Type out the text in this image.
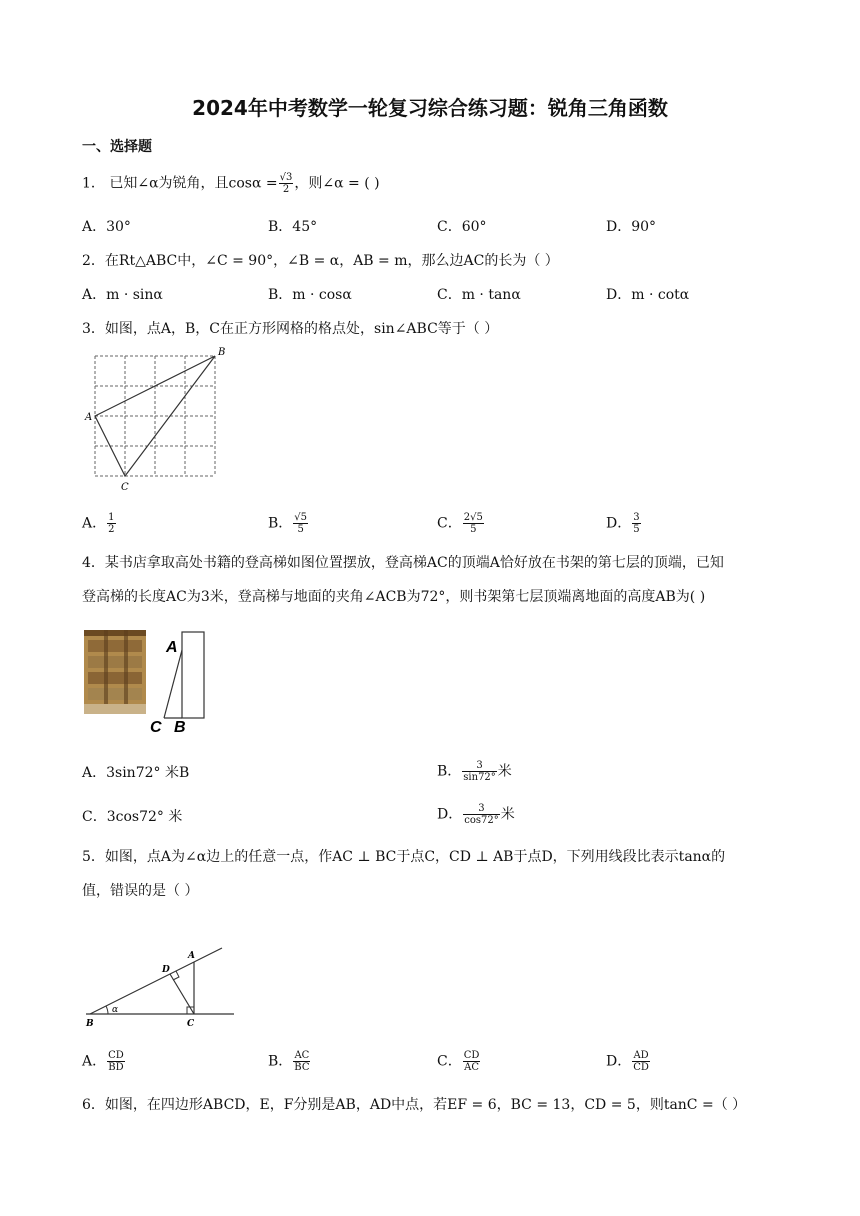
2024年中考数学一轮复习综合练习题：锐角三角函数
一、选择题
1． 已知∠α为锐角，且$\cos\alpha = \frac{√3}{2}$ ，则∠α = ( )
A．30°	B．45°	C．60°	D．90°
2．在Rt△ABC中，∠C = 90°，∠B = α，AB = m，那么边AC的长为（ ）
A．m · sinα	B．m · cosα	C．m · tanα	D．m · cotα
3．如图，点A，B，C在正方形网格的格点处，sin∠ABC等于（ ）
A
B
C
A． $\frac{1}{2}$	B． $\frac{√5}{5}$	C． $\frac{2√5}{5}$	D． $\frac{3}{5}$
4．某书店拿取高处书籍的登高梯如图位置摆放，登高梯AC的顶端A恰好放在书架的第七层的顶端，已知
登高梯的长度AC为3米，登高梯与地面的夹角∠ACB为72°，则书架第七层顶端离地面的高度AB为( )
A
C B
A．3sin72° 米B	B． $\frac{3}{\sin 72^\circ}$ 米
C．3cos72° 米	D． $\frac{3}{\cos 72^\circ}$ 米
5．如图，点A为∠α边上的任意一点，作AC ⊥ BC于点C，CD ⊥ AB于点D，下列用线段比表示tanα的
值，错误的是（ ）
α
A
B	C
D
A． $\frac{CD}{BD}$	B． $\frac{AC}{BC}$	C． $\frac{CD}{AC}$	D． $\frac{AD}{CD}$
6．如图，在四边形ABCD，E，F分别是AB，AD中点，若EF = 6，BC = 13，CD = 5，则tanC =（ ）
